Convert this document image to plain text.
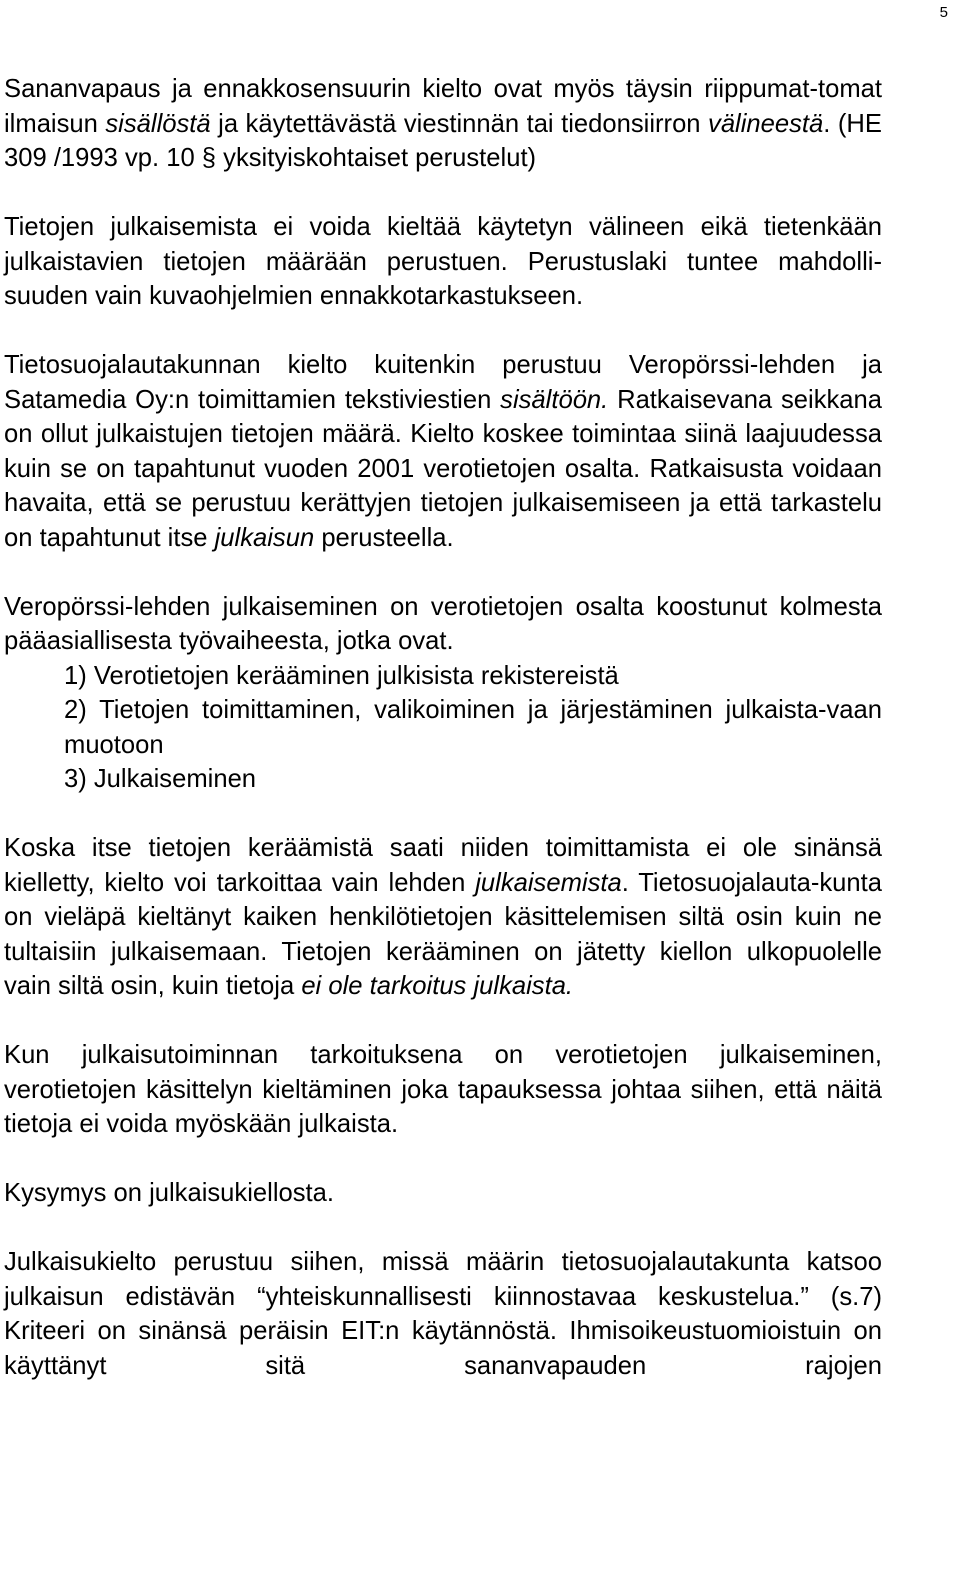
5

Sananvapaus ja ennakkosensuurin kielto ovat myös täysin riippumat-tomat ilmaisun sisällöstä ja käytettävästä viestinnän tai tiedonsiirron välineestä. (HE 309 /1993 vp. 10 § yksityiskohtaiset perustelut)

Tietojen julkaisemista ei voida kieltää käytetyn välineen eikä tietenkään julkaistavien tietojen määrään perustuen. Perustuslaki tuntee mahdolli-suuden vain kuvaohjelmien ennakkotarkastukseen.

Tietosuojalautakunnan kielto kuitenkin perustuu Veropörssi-lehden ja Satamedia Oy:n toimittamien tekstiviestien sisältöön. Ratkaisevana seikkana on ollut julkaistujen tietojen määrä. Kielto koskee toimintaa siinä laajuudessa kuin se on tapahtunut vuoden 2001 verotietojen osalta. Ratkaisusta voidaan havaita, että se perustuu kerättyjen tietojen julkaisemiseen ja että tarkastelu on tapahtunut itse julkaisun perusteella.

Veropörssi-lehden julkaiseminen on verotietojen osalta koostunut kolmesta pääasiallisesta työvaiheesta, jotka ovat.

1) Verotietojen kerääminen julkisista rekistereistä
2) Tietojen toimittaminen, valikoiminen ja järjestäminen julkaista-vaan muotoon
3) Julkaiseminen

Koska itse tietojen keräämistä saati niiden toimittamista ei ole sinänsä kielletty, kielto voi tarkoittaa vain lehden julkaisemista. Tietosuojalauta-kunta on vieläpä kieltänyt kaiken henkilötietojen käsittelemisen siltä osin kuin ne tultaisiin julkaisemaan. Tietojen kerääminen on jätetty kiellon ulkopuolelle vain siltä osin, kuin tietoja ei ole tarkoitus julkaista.

Kun julkaisutoiminnan tarkoituksena on verotietojen julkaiseminen, verotietojen käsittelyn kieltäminen joka tapauksessa johtaa siihen, että näitä tietoja ei voida myöskään julkaista.

Kysymys on julkaisukiellosta.

Julkaisukielto perustuu siihen, missä määrin tietosuojalautakunta katsoo julkaisun edistävän “yhteiskunnallisesti kiinnostavaa keskustelua.” (s.7) Kriteeri on sinänsä peräisin EIT:n käytännöstä. Ihmisoikeustuomioistuin on käyttänyt sitä sananvapauden rajojen
